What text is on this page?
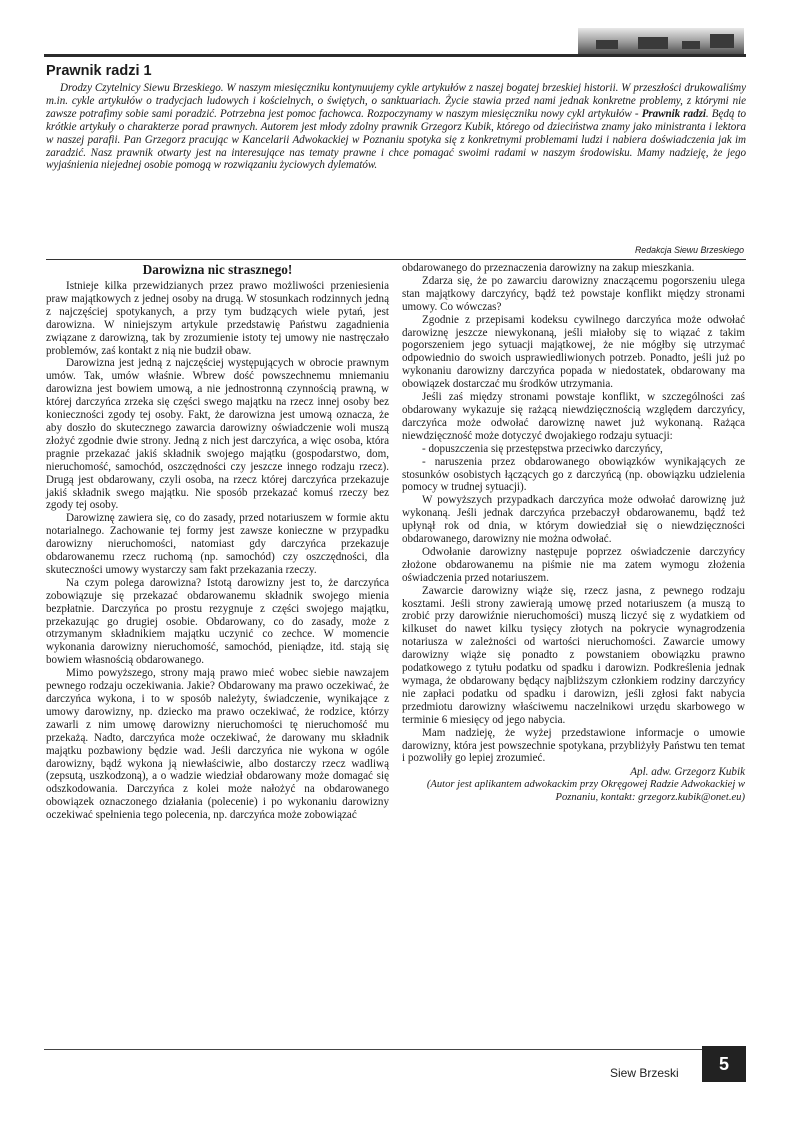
Prawnik radzi 1
Drodzy Czytelnicy Siewu Brzeskiego. W naszym miesięczniku kontynuujemy cykle artykułów z naszej bogatej brzeskiej historii. W przeszłości drukowaliśmy m.in. cykle artykułów o tradycjach ludowych i kościelnych, o świętych, o sanktuariach. Życie stawia przed nami jednak konkretne problemy, z którymi nie zawsze potrafimy sobie sami poradzić. Potrzebna jest pomoc fachowca. Rozpoczynamy w naszym miesięczniku nowy cykl artykułów - Prawnik radzi. Będą to krótkie artykuły o charakterze porad prawnych. Autorem jest młody zdolny prawnik Grzegorz Kubik, którego od dzieciństwa znamy jako ministranta i lektora w naszej parafii. Pan Grzegorz pracując w Kancelarii Adwokackiej w Poznaniu spotyka się z konkretnymi problemami ludzi i nabiera doświadczenia jak im zaradzić. Nasz prawnik otwarty jest na interesujące nas tematy prawne i chce pomagać swoimi radami w naszym środowisku. Mamy nadzieję, że jego wyjaśnienia niejednej osobie pomogą w rozwiązaniu życiowych dylematów.
Redakcja Siewu Brzeskiego
Darowizna nic strasznego!

Istnieje kilka przewidzianych przez prawo możliwości przeniesienia praw majątkowych z jednej osoby na drugą. W stosunkach rodzinnych jedną z najczęściej spotykanych, a przy tym budzących wiele pytań, jest darowizna. W niniejszym artykule przedstawię Państwu zagadnienia związane z darowizną, tak by zrozumienie istoty tej umowy nie nastręczało problemów, zaś kontakt z nią nie budził obaw.

Darowizna jest jedną z najczęściej występujących w obrocie prawnym umów. Tak, umów właśnie. Wbrew dość powszechnemu mniemaniu darowizna jest bowiem umową, a nie jednostronną czynnością prawną, w której darczyńca zrzeka się części swego majątku na rzecz innej osoby bez konieczności zgody tej osoby. Fakt, że darowizna jest umową oznacza, że aby doszło do skutecznego zawarcia darowizny oświadczenie woli muszą złożyć zgodnie dwie strony. Jedną z nich jest darczyńca, a więc osoba, która pragnie przekazać jakiś składnik swojego majątku (gospodarstwo, dom, nieruchomość, samochód, oszczędności czy jeszcze innego rodzaju rzecz). Drugą jest obdarowany, czyli osoba, na rzecz której darczyńca przekazuje jakiś składnik swego majątku. Nie sposób przekazać komuś rzeczy bez zgody tej osoby.

Darowiznę zawiera się, co do zasady, przed notariuszem w formie aktu notarialnego. Zachowanie tej formy jest zawsze konieczne w przypadku darowizny nieruchomości, natomiast gdy darczyńca przekazuje obdarowanemu rzecz ruchomą (np. samochód) czy oszczędności, dla skuteczności umowy wystarczy sam fakt przekazania rzeczy.

Na czym polega darowizna? Istotą darowizny jest to, że darczyńca zobowiązuje się przekazać obdarowanemu składnik swojego mienia bezpłatnie. Darczyńca po prostu rezygnuje z części swojego majątku, przekazując go drugiej osobie. Obdarowany, co do zasady, może z otrzymanym składnikiem majątku uczynić co zechce. W momencie wykonania darowizny nieruchomość, samochód, pieniądze, itd. stają się bowiem własnością obdarowanego.

Mimo powyższego, strony mają prawo mieć wobec siebie nawzajem pewnego rodzaju oczekiwania. Jakie? Obdarowany ma prawo oczekiwać, że darczyńca wykona, i to w sposób należyty, świadczenie, wynikające z umowy darowizny, np. dziecko ma prawo oczekiwać, że rodzice, którzy zawarli z nim umowę darowizny nieruchomości tę nieruchomość mu przekażą. Nadto, darczyńca może oczekiwać, że darowany mu składnik majątku pozbawiony będzie wad. Jeśli darczyńca nie wykona w ogóle darowizny, bądź wykona ją niewłaściwie, albo dostarczy rzecz wadliwą (zepsutą, uszkodzoną), a o wadzie wiedział obdarowany może domagać się odszkodowania. Darczyńca z kolei może nałożyć na obdarowanego obowiązek oznaczonego działania (polecenie) i po wykonaniu darowizny oczekiwać spełnienia tego polecenia, np. darczyńca może zobowiązać

obdarowanego do przeznaczenia darowizny na zakup mieszkania.

Zdarza się, że po zawarciu darowizny znaczącemu pogorszeniu ulega stan majątkowy darczyńcy, bądź też powstaje konflikt między stronami umowy. Co wówczas?

Zgodnie z przepisami kodeksu cywilnego darczyńca może odwołać darowiznę jeszcze niewykonaną, jeśli miałoby się to wiązać z takim pogorszeniem jego sytuacji majątkowej, że nie mógłby się utrzymać odpowiednio do swoich usprawiedliwionych potrzeb. Ponadto, jeśli już po wykonaniu darowizny darczyńca popada w niedostatek, obdarowany ma obowiązek dostarczać mu środków utrzymania.

Jeśli zaś między stronami powstaje konflikt, w szczególności zaś obdarowany wykazuje się rażącą niewdzięcznością względem darczyńcy, darczyńca może odwołać darowiznę nawet już wykonaną. Rażąca niewdzięczność może dotyczyć dwojakiego rodzaju sytuacji:

- dopuszczenia się przestępstwa przeciwko darczyńcy,

- naruszenia przez obdarowanego obowiązków wynikających ze stosunków osobistych łączących go z darczyńcą (np. obowiązku udzielenia pomocy w trudnej sytuacji).

W powyższych przypadkach darczyńca może odwołać darowiznę już wykonaną. Jeśli jednak darczyńca przebaczył obdarowanemu, bądź też upłynął rok od dnia, w którym dowiedział się o niewdzięczności obdarowanego, darowizny nie można odwołać.

Odwołanie darowizny następuje poprzez oświadczenie darczyńcy złożone obdarowanemu na piśmie nie ma zatem wymogu złożenia oświadczenia przed notariuszem.

Zawarcie darowizny wiąże się, rzecz jasna, z pewnego rodzaju kosztami. Jeśli strony zawierają umowę przed notariuszem (a muszą to zrobić przy darowiźnie nieruchomości) muszą liczyć się z wydatkiem od kilkuset do nawet kilku tysięcy złotych na pokrycie wynagrodzenia notariusza w zależności od wartości nieruchomości. Zawarcie umowy darowizny wiąże się ponadto z powstaniem obowiązku prawno podatkowego z tytułu podatku od spadku i darowizn. Podkreślenia jednak wymaga, że obdarowany będący najbliższym członkiem rodziny darczyńcy nie zapłaci podatku od spadku i darowizn, jeśli zgłosi fakt nabycia przedmiotu darowizny właściwemu naczelnikowi urzędu skarbowego w terminie 6 miesięcy od jego nabycia.

Mam nadzieję, że wyżej przedstawione informacje o umowie darowizny, która jest powszechnie spotykana, przybliżyły Państwu ten temat i pozwoliły go lepiej zrozumieć.

Apl. adw. Grzegorz Kubik

(Autor jest aplikantem adwokackim przy Okręgowej Radzie Adwokackiej w Poznaniu, kontakt: grzegorz.kubik@onet.eu)

Siew Brzeski	5
